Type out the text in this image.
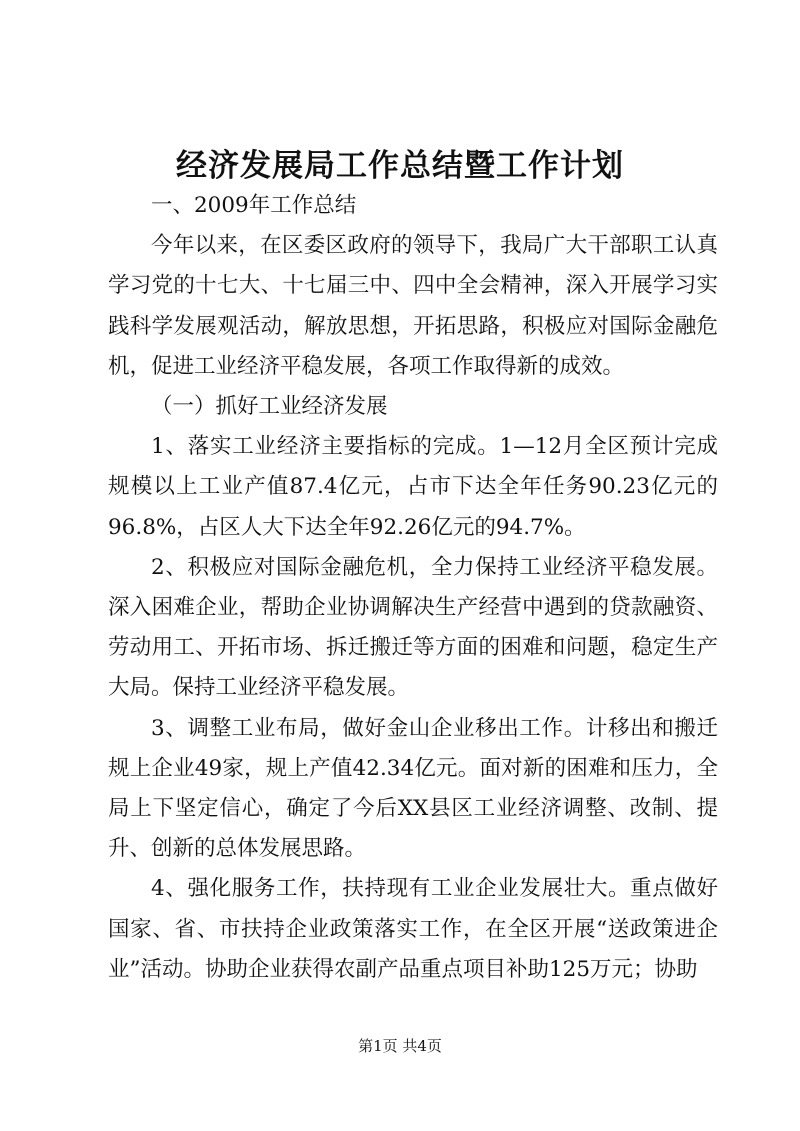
经济发展局工作总结暨工作计划

一、2009年工作总结

今年以来，在区委区政府的领导下，我局广大干部职工认真学习党的十七大、十七届三中、四中全会精神，深入开展学习实践科学发展观活动，解放思想，开拓思路，积极应对国际金融危机，促进工业经济平稳发展，各项工作取得新的成效。

（一）抓好工业经济发展

1、落实工业经济主要指标的完成。1—12月全区预计完成规模以上工业产值87.4亿元，占市下达全年任务90.23亿元的96.8%，占区人大下达全年92.26亿元的94.7%。

2、积极应对国际金融危机，全力保持工业经济平稳发展。深入困难企业，帮助企业协调解决生产经营中遇到的贷款融资、劳动用工、开拓市场、拆迁搬迁等方面的困难和问题，稳定生产大局。保持工业经济平稳发展。

3、调整工业布局，做好金山企业移出工作。计移出和搬迁规上企业49家，规上产值42.34亿元。面对新的困难和压力，全局上下坚定信心，确定了今后XX县区工业经济调整、改制、提升、创新的总体发展思路。

4、强化服务工作，扶持现有工业企业发展壮大。重点做好国家、省、市扶持企业政策落实工作，在全区开展“送政策进企业”活动。协助企业获得农副产品重点项目补助125万元；协助

第1页 共4页
